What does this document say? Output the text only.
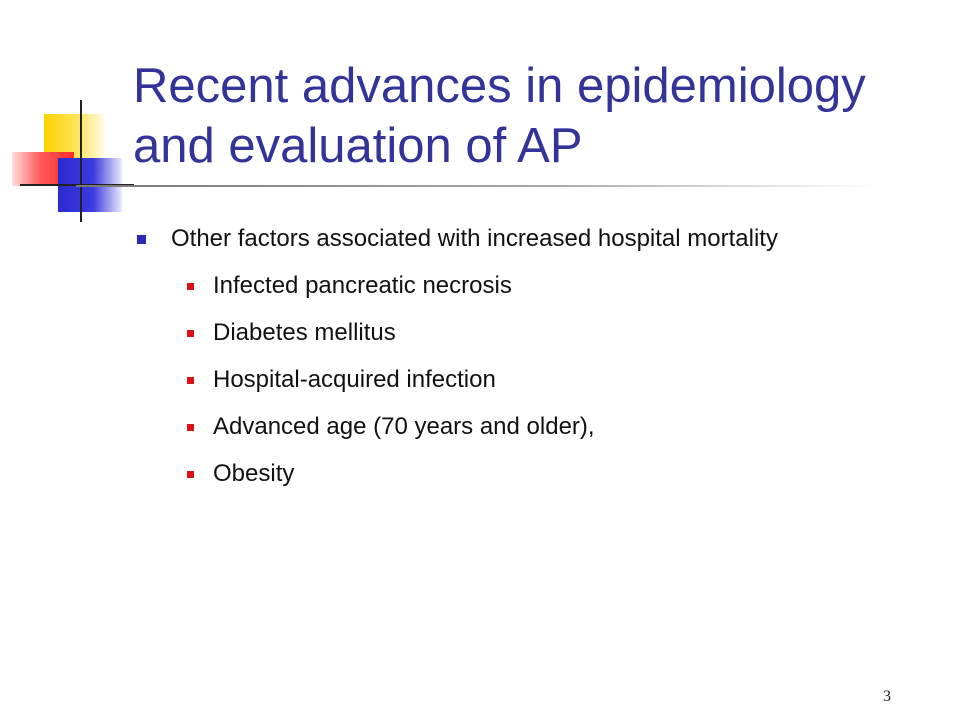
Recent advances in epidemiology and evaluation of AP
Other factors associated with increased hospital mortality
Infected pancreatic necrosis
Diabetes mellitus
Hospital-acquired infection
Advanced age (70 years and older),
Obesity
3
